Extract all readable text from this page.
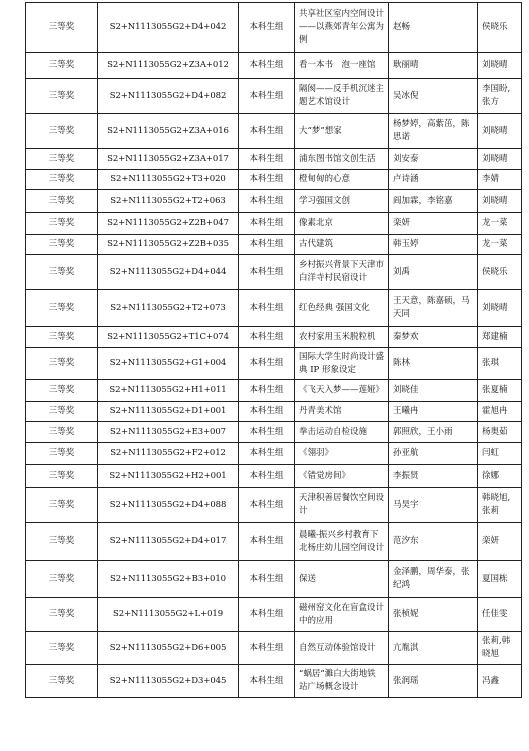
三等奖	S2+N1113055G2+D4+042	本科生组	共享社区室内空间设计——以燕郊青年公寓为例	赵畅	侯晓乐
三等奖	S2+N1113055G2+Z3A+012	本科生组	看一本书　泡一座馆	耿丽晴	刘晓晴
三等奖	S2+N1113055G2+D4+082	本科生组	隔阂——反手机沉迷主题艺术馆设计	吴冰倪	李国盼,张方
三等奖	S2+N1113055G2+Z3A+016	本科生组	大“梦”想家	杨梦婷，高紫茁，陈思诺	刘晓晴
三等奖	S2+N1113055G2+Z3A+017	本科生组	浦东图书馆文创生活	刘安泰	刘晓晴
三等奖	S2+N1113055G2+T3+020	本科生组	橙甸甸的心意	卢诗涵	李婧
三等奖	S2+N1113055G2+T2+063	本科生组	学习强国文创	阎加霖，李铭嘉	刘晓晴
三等奖	S2+N1113055G2+Z2B+047	本科生组	像素北京	栾妍	龙一菜
三等奖	S2+N1113055G2+Z2B+035	本科生组	古代建筑	韩玉婷	龙一菜
三等奖	S2+N1113055G2+D4+044	本科生组	乡村振兴背景下天津市白洋寺村民宿设计	刘禹	侯晓乐
三等奖	S2+N1113055G2+T2+073	本科生组	红色经典 强国文化	王天意，陈嘉硕，马天同	刘晓晴
三等奖	S2+N1113055G2+T1C+074	本科生组	农村家用玉米脱粒机	秦梦欢	郑建楠
三等奖	S2+N1113055G2+G1+004	本科生组	国际大学生时尚设计盛典 IP 形象设定	陈林	张琪
三等奖	S2+N1113055G2+H1+011	本科生组	《飞天入梦——莲娅》	刘晓佳	张夏楠
三等奖	S2+N1113055G2+D1+001	本科生组	丹青美术馆	王曦冉	霍旭冉
三等奖	S2+N1113055G2+E3+007	本科生组	拳击运动自检设施	郭照欣，王小雨	杨奥茹
三等奖	S2+N1113055G2+F2+012	本科生组	《翎羽》	孙亚航	闫虹
三等奖	S2+N1113055G2+H2+001	本科生组	《错觉房间》	李振贤	徐娜
三等奖	S2+N1113055G2+D4+088	本科生组	天津积善居餐饮空间设计	马昊宇	韩晓旭,张莉
三等奖	S2+N1113055G2+D4+017	本科生组	晨曦-振兴乡村教育下北杨庄幼儿园空间设计	范汐东	栾妍
三等奖	S2+N1113055G2+B3+010	本科生组	保送	金泽鹏，周华泰，张纪鸿	夏国栋
三等奖	S2+N1113055G2+L+019	本科生组	磁州窑文化在盲盒设计中的应用	张桢妮	任佳雯
三等奖	S2+N1113055G2+D6+005	本科生组	自然互动体验馆设计	亢胤淇	张莉,韩晓旭
三等奖	S2+N1113055G2+D3+045	本科生组	“蜗居”濉白大街地铁站广场概念设计	张润瑶	冯鑫
